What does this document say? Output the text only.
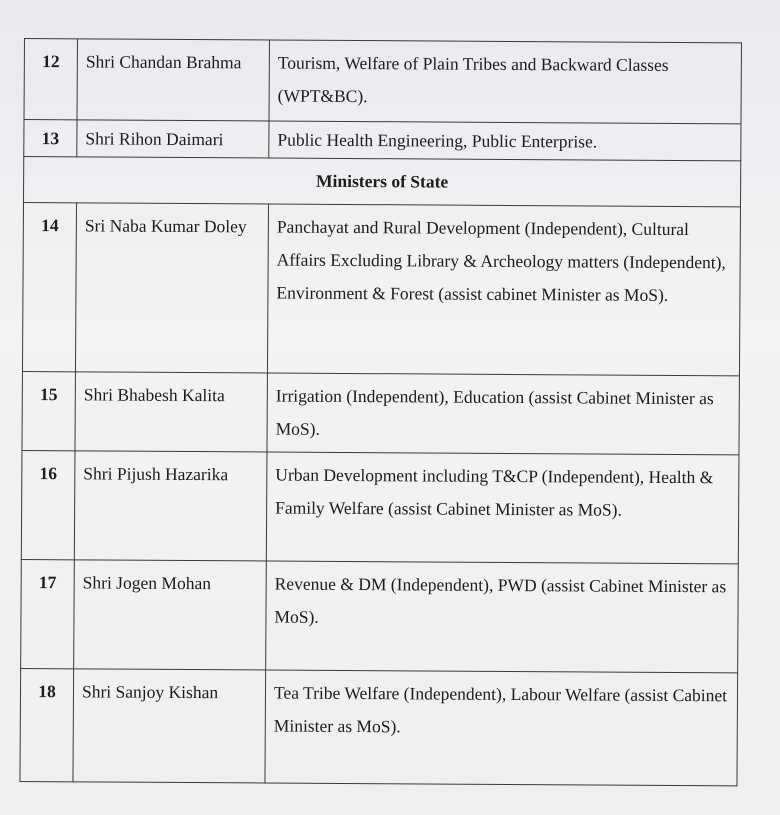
12	Shri Chandan Brahma	Tourism, Welfare of Plain Tribes and Backward Classes (WPT&BC).
13	Shri Rihon Daimari	Public Health Engineering, Public Enterprise.
Ministers of State		
14	Sri Naba Kumar Doley	Panchayat and Rural Development (Independent), Cultural Affairs Excluding Library & Archeology matters (Independent), Environment & Forest (assist cabinet Minister as MoS).
15	Shri Bhabesh Kalita	Irrigation (Independent), Education (assist Cabinet Minister as MoS).
16	Shri Pijush Hazarika	Urban Development including T&CP (Independent), Health & Family Welfare (assist Cabinet Minister as MoS).
17	Shri Jogen Mohan	Revenue & DM (Independent), PWD (assist Cabinet Minister as MoS).
18	Shri Sanjoy Kishan	Tea Tribe Welfare (Independent), Labour Welfare (assist Cabinet Minister as MoS).
